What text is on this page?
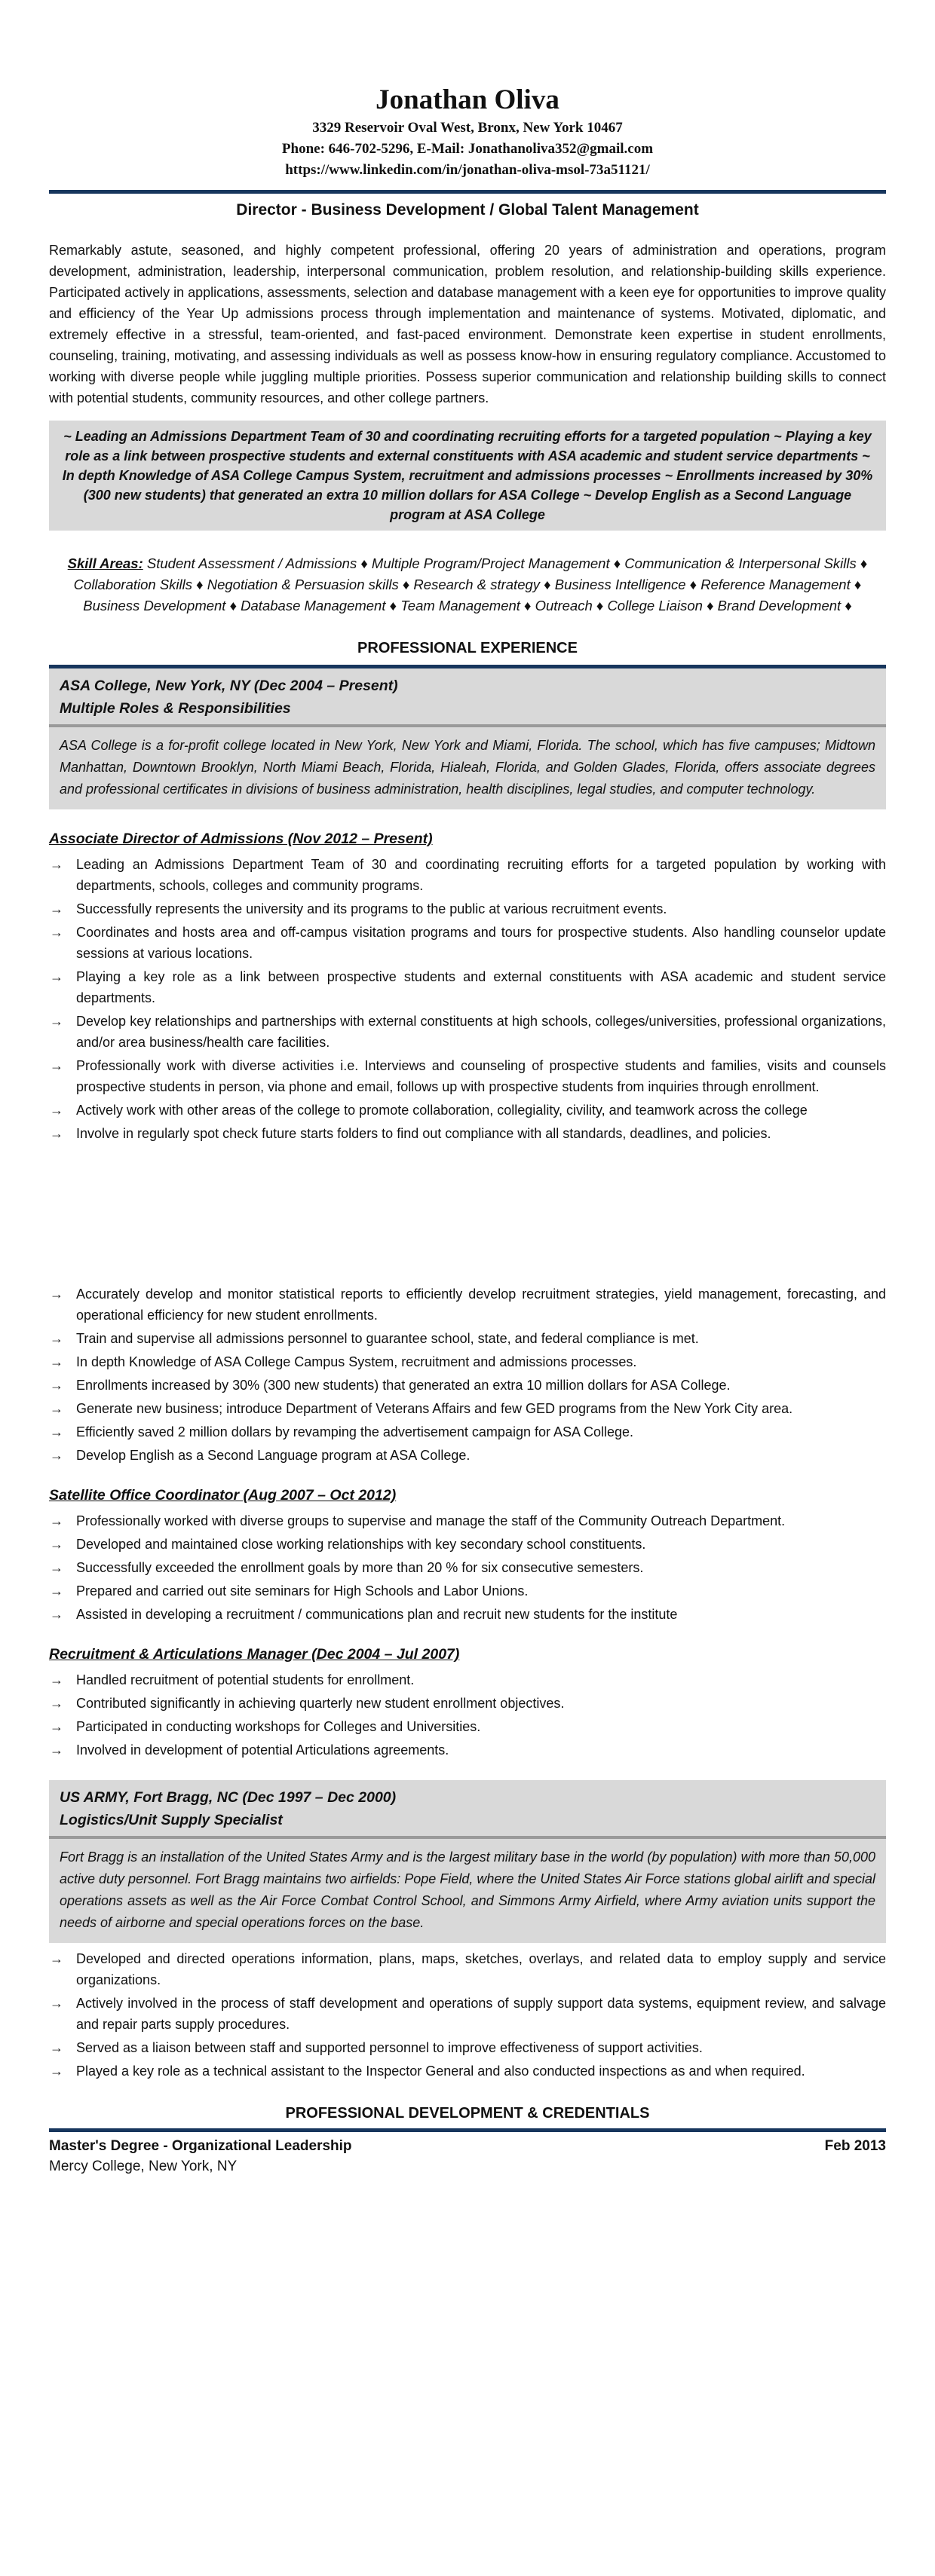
Jonathan Oliva
3329 Reservoir Oval West, Bronx, New York 10467
Phone: 646-702-5296, E-Mail: Jonathanoliva352@gmail.com
https://www.linkedin.com/in/jonathan-oliva-msol-73a51121/
Director - Business Development / Global Talent Management
Remarkably astute, seasoned, and highly competent professional, offering 20 years of administration and operations, program development, administration, leadership, interpersonal communication, problem resolution, and relationship-building skills experience. Participated actively in applications, assessments, selection and database management with a keen eye for opportunities to improve quality and efficiency of the Year Up admissions process through implementation and maintenance of systems. Motivated, diplomatic, and extremely effective in a stressful, team-oriented, and fast-paced environment. Demonstrate keen expertise in student enrollments, counseling, training, motivating, and assessing individuals as well as possess know-how in ensuring regulatory compliance. Accustomed to working with diverse people while juggling multiple priorities. Possess superior communication and relationship building skills to connect with potential students, community resources, and other college partners.
~ Leading an Admissions Department Team of 30 and coordinating recruiting efforts for a targeted population ~ Playing a key role as a link between prospective students and external constituents with ASA academic and student service departments ~ In depth Knowledge of ASA College Campus System, recruitment and admissions processes ~ Enrollments increased by 30% (300 new students) that generated an extra 10 million dollars for ASA College ~ Develop English as a Second Language program at ASA College
Skill Areas: Student Assessment / Admissions ♦ Multiple Program/Project Management ♦ Communication & Interpersonal Skills ♦ Collaboration Skills ♦ Negotiation & Persuasion skills ♦ Research & strategy ♦ Business Intelligence ♦ Reference Management ♦ Business Development ♦ Database Management ♦ Team Management ♦ Outreach ♦ College Liaison ♦ Brand Development ♦
PROFESSIONAL EXPERIENCE
ASA College, New York, NY (Dec 2004 – Present)
Multiple Roles & Responsibilities
ASA College is a for-profit college located in New York, New York and Miami, Florida. The school, which has five campuses; Midtown Manhattan, Downtown Brooklyn, North Miami Beach, Florida, Hialeah, Florida, and Golden Glades, Florida, offers associate degrees and professional certificates in divisions of business administration, health disciplines, legal studies, and computer technology.
Associate Director of Admissions (Nov 2012 – Present)
→ Leading an Admissions Department Team of 30 and coordinating recruiting efforts for a targeted population by working with departments, schools, colleges and community programs.
→ Successfully represents the university and its programs to the public at various recruitment events.
→ Coordinates and hosts area and off-campus visitation programs and tours for prospective students. Also handling counselor update sessions at various locations.
→ Playing a key role as a link between prospective students and external constituents with ASA academic and student service departments.
→ Develop key relationships and partnerships with external constituents at high schools, colleges/universities, professional organizations, and/or area business/health care facilities.
→ Professionally work with diverse activities i.e. Interviews and counseling of prospective students and families, visits and counsels prospective students in person, via phone and email, follows up with prospective students from inquiries through enrollment.
→ Actively work with other areas of the college to promote collaboration, collegiality, civility, and teamwork across the college
→ Involve in regularly spot check future starts folders to find out compliance with all standards, deadlines, and policies.
→ Accurately develop and monitor statistical reports to efficiently develop recruitment strategies, yield management, forecasting, and operational efficiency for new student enrollments.
→ Train and supervise all admissions personnel to guarantee school, state, and federal compliance is met.
→ In depth Knowledge of ASA College Campus System, recruitment and admissions processes.
→ Enrollments increased by 30% (300 new students) that generated an extra 10 million dollars for ASA College.
→ Generate new business; introduce Department of Veterans Affairs and few GED programs from the New York City area.
→ Efficiently saved 2 million dollars by revamping the advertisement campaign for ASA College.
→ Develop English as a Second Language program at ASA College.
Satellite Office Coordinator (Aug 2007 – Oct 2012)
→ Professionally worked with diverse groups to supervise and manage the staff of the Community Outreach Department.
→ Developed and maintained close working relationships with key secondary school constituents.
→ Successfully exceeded the enrollment goals by more than 20 % for six consecutive semesters.
→ Prepared and carried out site seminars for High Schools and Labor Unions.
→ Assisted in developing a recruitment / communications plan and recruit new students for the institute
Recruitment & Articulations Manager (Dec 2004 – Jul 2007)
→ Handled recruitment of potential students for enrollment.
→ Contributed significantly in achieving quarterly new student enrollment objectives.
→ Participated in conducting workshops for Colleges and Universities.
→ Involved in development of potential Articulations agreements.
US ARMY, Fort Bragg, NC (Dec 1997 – Dec 2000)
Logistics/Unit Supply Specialist
Fort Bragg is an installation of the United States Army and is the largest military base in the world (by population) with more than 50,000 active duty personnel. Fort Bragg maintains two airfields: Pope Field, where the United States Air Force stations global airlift and special operations assets as well as the Air Force Combat Control School, and Simmons Army Airfield, where Army aviation units support the needs of airborne and special operations forces on the base.
→ Developed and directed operations information, plans, maps, sketches, overlays, and related data to employ supply and service organizations.
→ Actively involved in the process of staff development and operations of supply support data systems, equipment review, and salvage and repair parts supply procedures.
→ Served as a liaison between staff and supported personnel to improve effectiveness of support activities.
→ Played a key role as a technical assistant to the Inspector General and also conducted inspections as and when required.
PROFESSIONAL DEVELOPMENT & CREDENTIALS
Master's Degree - Organizational Leadership	Feb 2013
Mercy College, New York, NY
